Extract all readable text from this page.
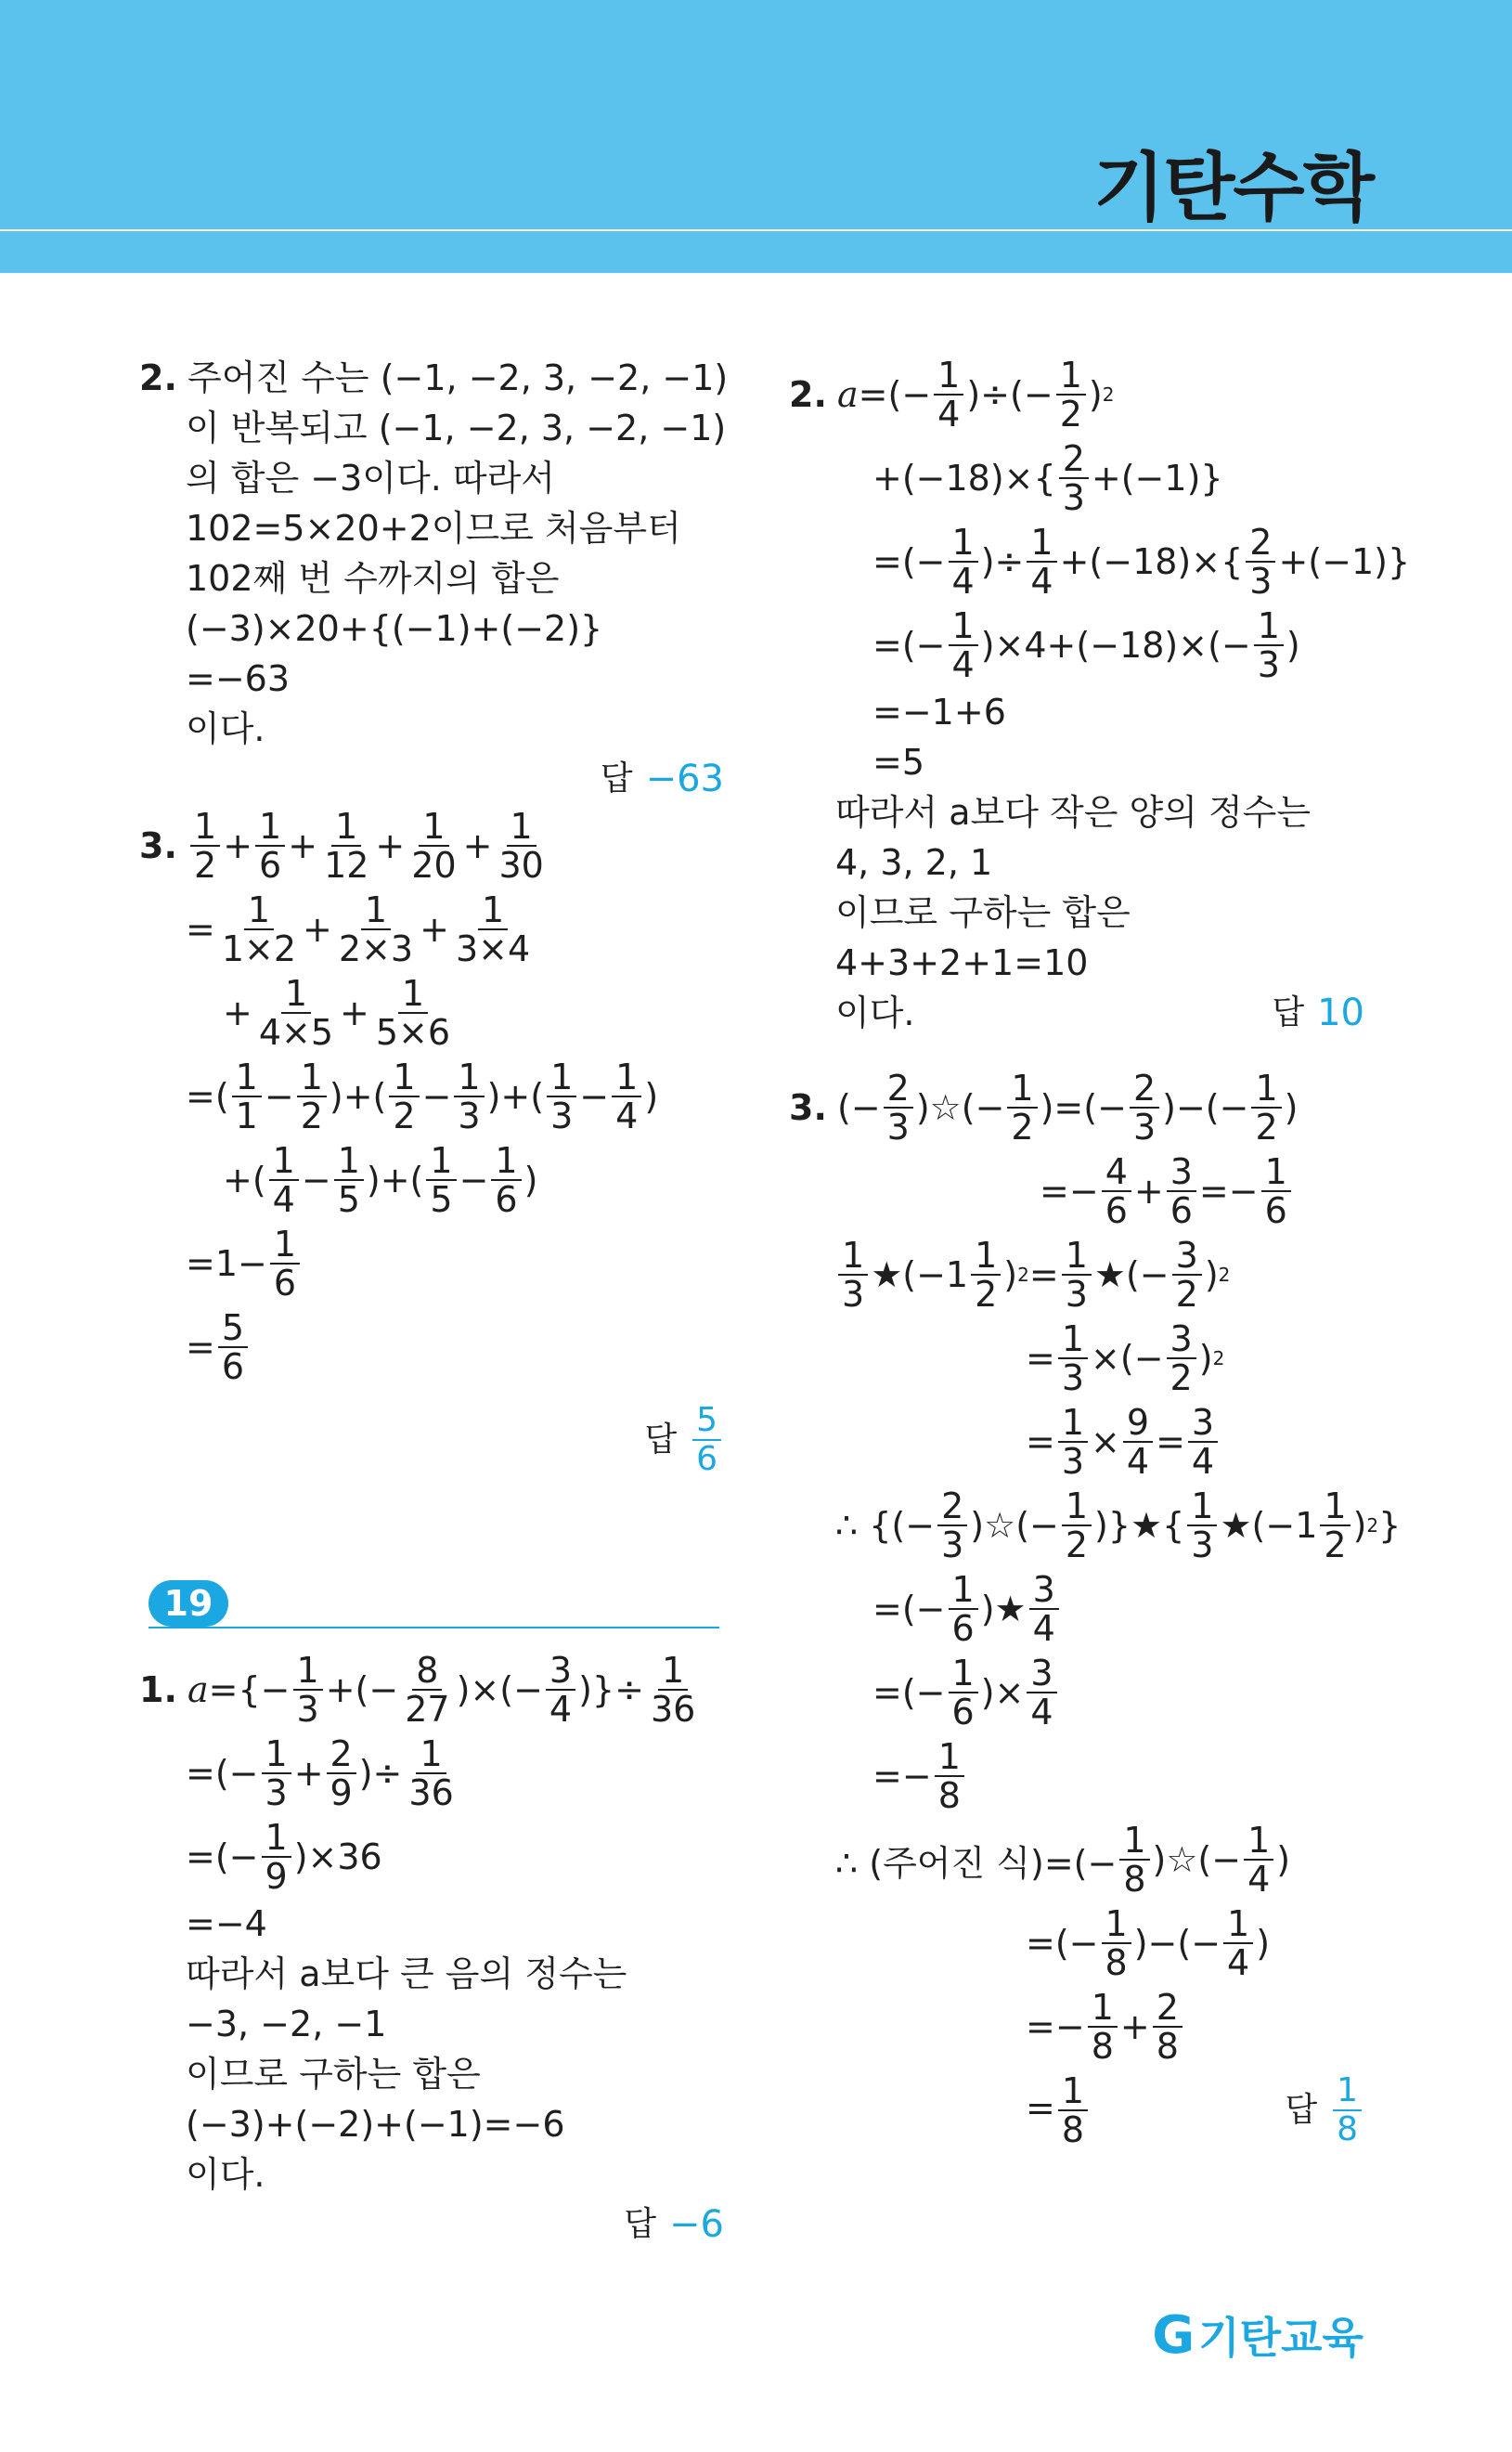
기탄수학
2. 주어진 수는 (−1, −2, 3, −2, −1)
이 반복되고 (−1, −2, 3, −2, −1)
의 합은 −3이다. 따라서
102=5×20+2이므로 처음부터
102째 번 수까지의 합은
(−3)×20+{(−1)+(−2)}
=−63
이다.
답 −63
3. $\frac{1}{2} + \frac{1}{6} + \frac{1}{12} + \frac{1}{20} + \frac{1}{30}$
= $\frac{1}{1\times 2} + \frac{1}{2\times 3} + \frac{1}{3\times 4}$
+ $\frac{1}{4\times 5} + \frac{1}{5\times 6}$
=( $\frac{1}{1} - \frac{1}{2}$ )+( $\frac{1}{2} - \frac{1}{3}$ )+( $\frac{1}{3} - \frac{1}{4}$ )
+( $\frac{1}{4} - \frac{1}{5}$ )+( $\frac{1}{5} - \frac{1}{6}$ )
$=1- \frac{1}{6}$
= $\frac{5}{6}$
답 $\frac{5}{6}$
19
1. a ={− $\frac{1}{3}$ +(− $\frac{8}{27}$ )×(− $\frac{3}{4}$ )}÷ $\frac{1}{36}$
=(− $\frac{1}{3} + \frac{2}{9}$ )÷ $\frac{1}{36}$
=(− $\frac{1}{9} )\times 36$
=−4
따라서 a보다 큰 음의 정수는
−3, −2, −1
이므로 구하는 합은
(−3)+(−2)+(−1)=−6
이다.
답 −6
2. a =(− $\frac{1}{4}$ )÷(− $\frac{1}{2}$ ) 2
$+(-18)\times\{ \frac{2}{3} +(-1)\}$
=(− $\frac{1}{4}$ )÷ $\frac{1}{4} +(-18)\times\{ \frac{2}{3} +(-1)\}$
=(− $\frac{1}{4} )\times 4+(-18)\times(- \frac{1}{3}$ )
=−1+6
=5
따라서 a보다 작은 양의 정수는
4, 3, 2, 1
이므로 구하는 합은
4+3+2+1=10
이다.	답 10
3. (− $\frac{2}{3}$ )☆(− $\frac{1}{2}$ )=(− $\frac{2}{3}$ )−(− $\frac{1}{2}$ )
=− $\frac{4}{6} + \frac{3}{6} =- \frac{1}{6}$
$\frac{1}{3}$ ★(−1 $\frac{1}{2}$ ) $2 = \frac{1}{3}$ ★(− $\frac{3}{2}$ ) 2
= $\frac{1}{3}$ ×(− $\frac{3}{2}$ ) 2
= $\frac{1}{3} \times \frac{9}{4} = \frac{3}{4}$
∴ {(− $\frac{2}{3}$ )☆(− $\frac{1}{2}$ )}★{ $\frac{1}{3}$ ★(−1 $\frac{1}{2}$ ) 2 }
=(− $\frac{1}{6}$ )★ $\frac{3}{4}$
=(− $\frac{1}{6}$ )× $\frac{3}{4}$
=− $\frac{1}{8}$
∴ (주어진 식)=(− $\frac{1}{8}$ )☆(− $\frac{1}{4}$ )
=(− $\frac{1}{8}$ )−(− $\frac{1}{4}$ )
=− $\frac{1}{8} + \frac{2}{8}$
= $\frac{1}{8}$	답 $\frac{1}{8}$
G 기탄교육
